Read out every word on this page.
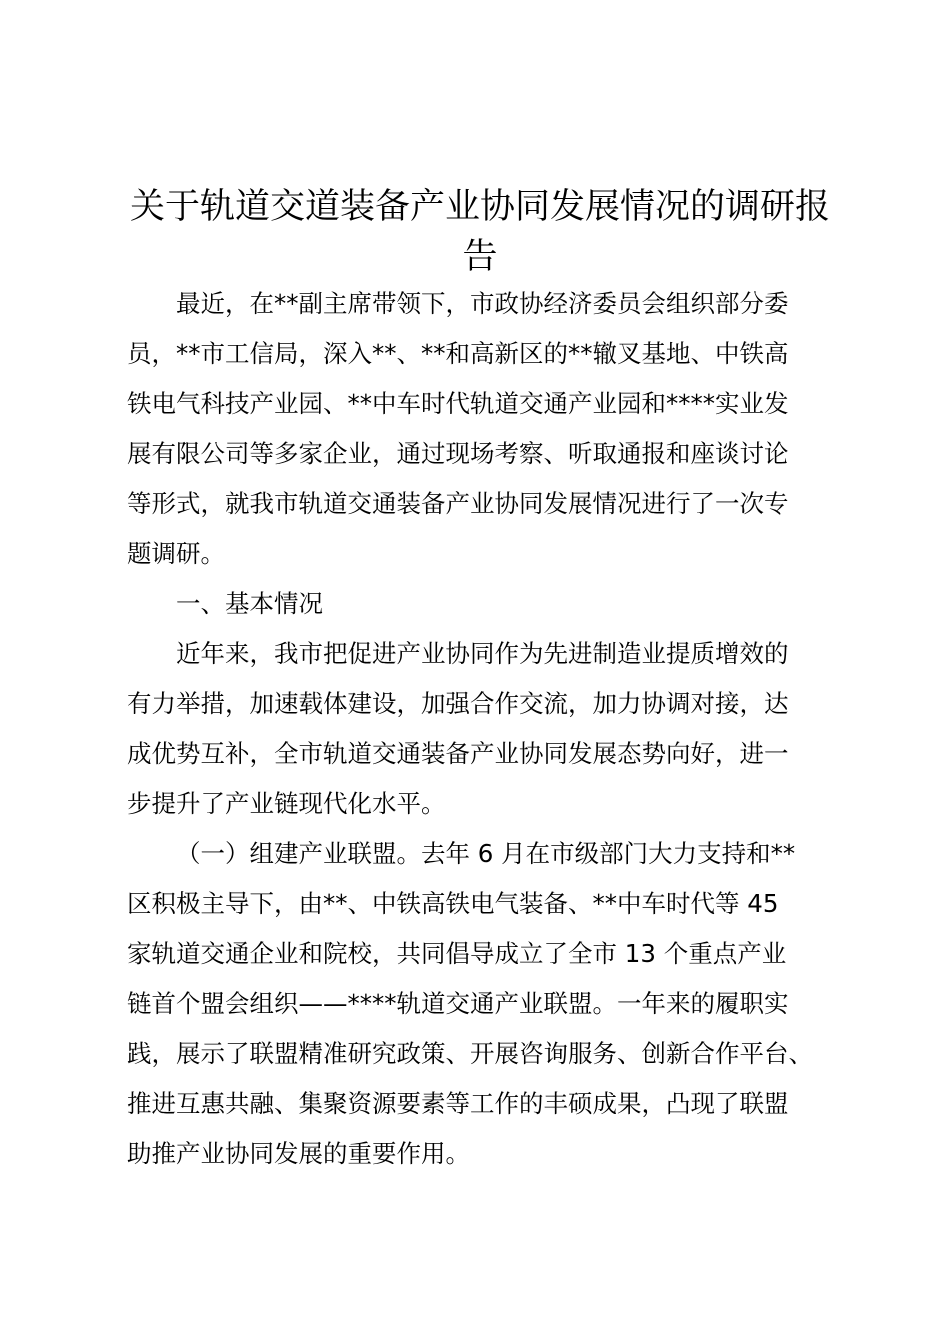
关于轨道交道装备产业协同发展情况的调研报
告

最近，在**副主席带领下，市政协经济委员会组织部分委

员，**市工信局，深入**、**和高新区的**辙叉基地、中铁高

铁电气科技产业园、**中车时代轨道交通产业园和****实业发

展有限公司等多家企业，通过现场考察、听取通报和座谈讨论

等形式，就我市轨道交通装备产业协同发展情况进行了一次专

题调研。

一、基本情况

近年来，我市把促进产业协同作为先进制造业提质增效的

有力举措，加速载体建设，加强合作交流，加力协调对接，达

成优势互补，全市轨道交通装备产业协同发展态势向好，进一

步提升了产业链现代化水平。

（一）组建产业联盟。去年 6 月在市级部门大力支持和**

区积极主导下，由**、中铁高铁电气装备、**中车时代等 45

家轨道交通企业和院校，共同倡导成立了全市 13 个重点产业

链首个盟会组织——****轨道交通产业联盟。一年来的履职实

践，展示了联盟精准研究政策、开展咨询服务、创新合作平台、

推进互惠共融、集聚资源要素等工作的丰硕成果，凸现了联盟

助推产业协同发展的重要作用。
